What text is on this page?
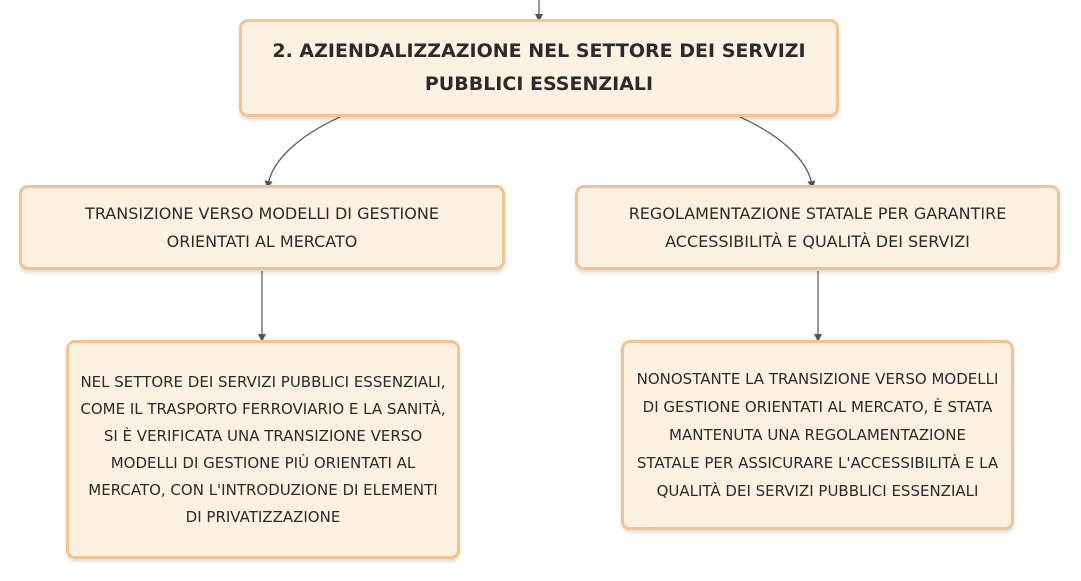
2. AZIENDALIZZAZIONE NEL SETTORE DEI SERVIZI PUBBLICI ESSENZIALI
TRANSIZIONE VERSO MODELLI DI GESTIONE ORIENTATI AL MERCATO
REGOLAMENTAZIONE STATALE PER GARANTIRE ACCESSIBILITÀ E QUALITÀ DEI SERVIZI
NEL SETTORE DEI SERVIZI PUBBLICI ESSENZIALI, COME IL TRASPORTO FERROVIARIO E LA SANITÀ, SI È VERIFICATA UNA TRANSIZIONE VERSO MODELLI DI GESTIONE PIÙ ORIENTATI AL MERCATO, CON L'INTRODUZIONE DI ELEMENTI DI PRIVATIZZAZIONE
NONOSTANTE LA TRANSIZIONE VERSO MODELLI DI GESTIONE ORIENTATI AL MERCATO, È STATA MANTENUTA UNA REGOLAMENTAZIONE STATALE PER ASSICURARE L'ACCESSIBILITÀ E LA QUALITÀ DEI SERVIZI PUBBLICI ESSENZIALI
